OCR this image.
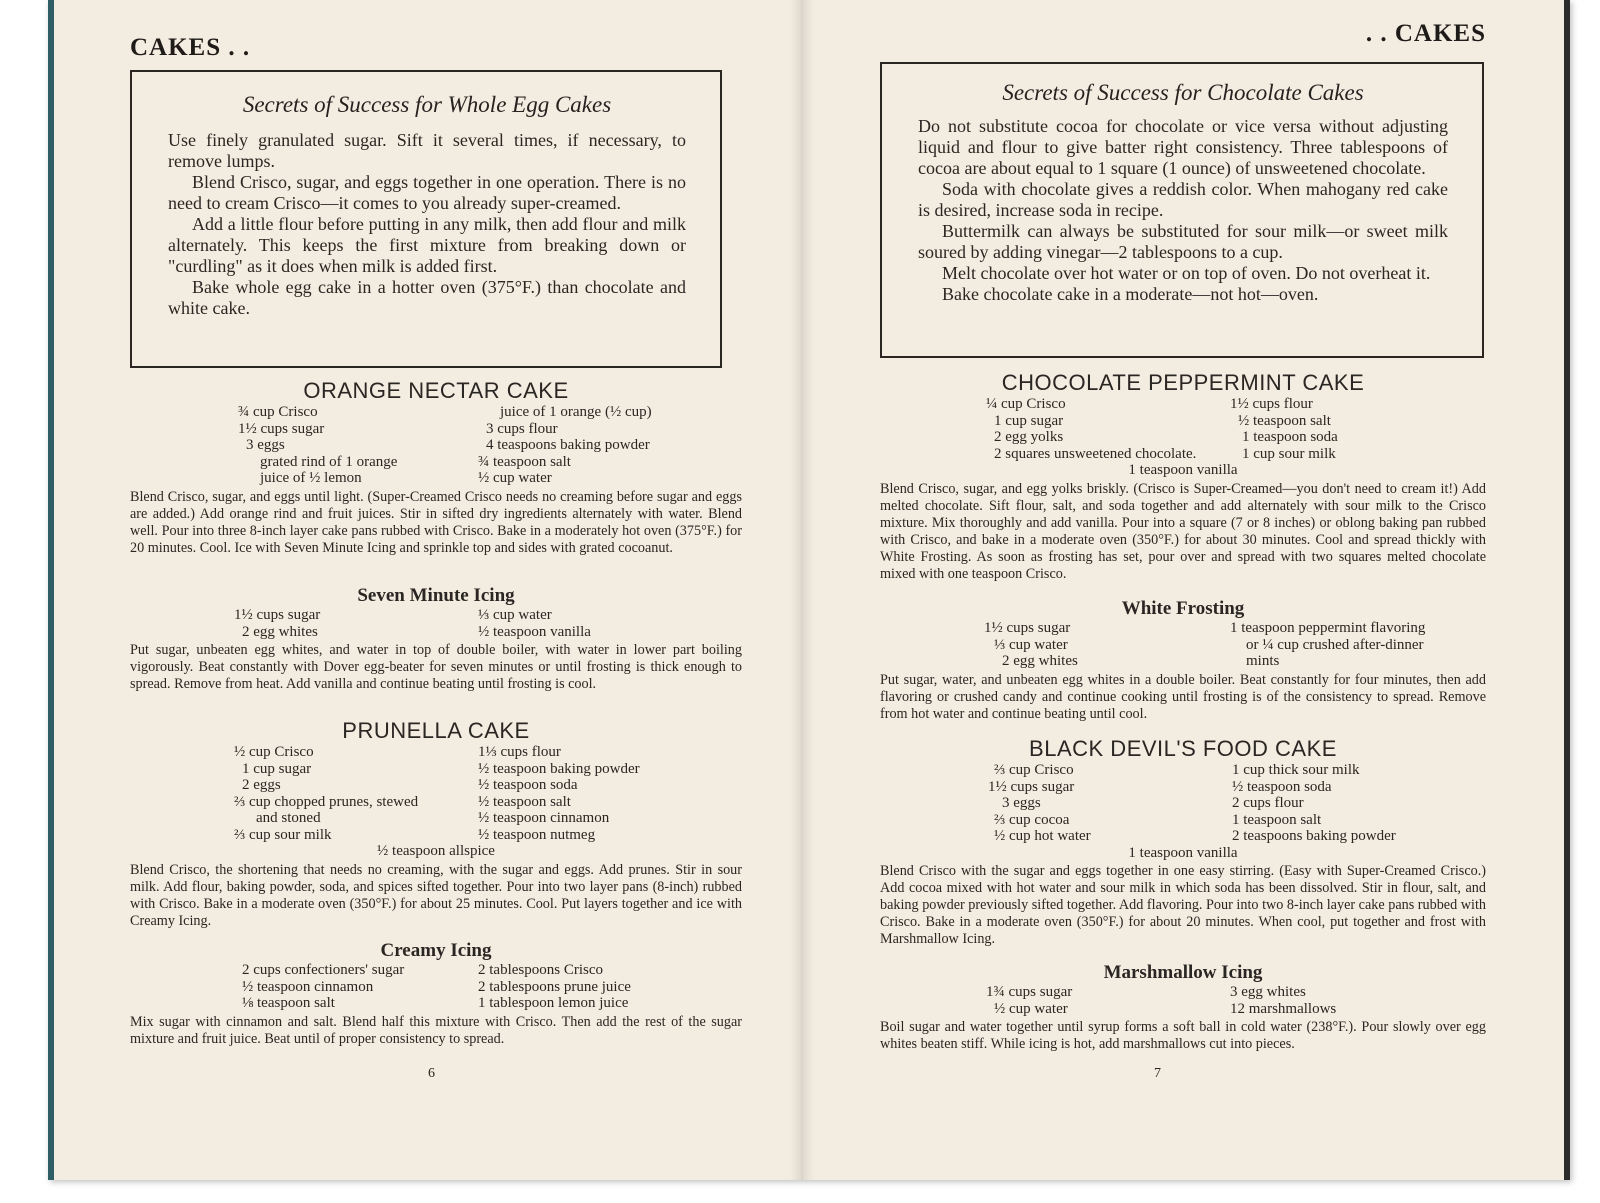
CAKES . .
Secrets of Success for Whole Egg Cakes

Use finely granulated sugar. Sift it several times, if necessary, to remove lumps.

Blend Crisco, sugar, and eggs together in one operation. There is no need to cream Crisco—it comes to you already super-creamed.

Add a little flour before putting in any milk, then add flour and milk alternately. This keeps the first mixture from breaking down or "curdling" as it does when milk is added first.

Bake whole egg cake in a hotter oven (375°F.) than chocolate and white cake.

ORANGE NECTAR CAKE
¾ cup Crisco
1½ cups sugar
3 eggs
grated rind of 1 orange
juice of ½ lemon
juice of 1 orange (½ cup)
3 cups flour
4 teaspoons baking powder
¾ teaspoon salt
½ cup water

Blend Crisco, sugar, and eggs until light. (Super-Creamed Crisco needs no creaming before sugar and eggs are added.) Add orange rind and fruit juices. Stir in sifted dry ingredients alternately with water. Blend well. Pour into three 8-inch layer cake pans rubbed with Crisco. Bake in a moderately hot oven (375°F.) for 20 minutes. Cool. Ice with Seven Minute Icing and sprinkle top and sides with grated cocoanut.

Seven Minute Icing
1½ cups sugar
2 egg whites
⅓ cup water
½ teaspoon vanilla

Put sugar, unbeaten egg whites, and water in top of double boiler, with water in lower part boiling vigorously. Beat constantly with Dover egg-beater for seven minutes or until frosting is thick enough to spread. Remove from heat. Add vanilla and continue beating until frosting is cool.

PRUNELLA CAKE
½ cup Crisco
1 cup sugar
2 eggs
⅔ cup chopped prunes, stewed
and stoned
⅔ cup sour milk
1⅓ cups flour
½ teaspoon baking powder
½ teaspoon soda
½ teaspoon salt
½ teaspoon cinnamon
½ teaspoon nutmeg
½ teaspoon allspice

Blend Crisco, the shortening that needs no creaming, with the sugar and eggs. Add prunes. Stir in sour milk. Add flour, baking powder, soda, and spices sifted together. Pour into two layer pans (8-inch) rubbed with Crisco. Bake in a moderate oven (350°F.) for about 25 minutes. Cool. Put layers together and ice with Creamy Icing.

Creamy Icing
2 cups confectioners' sugar
½ teaspoon cinnamon
⅛ teaspoon salt
2 tablespoons Crisco
2 tablespoons prune juice
1 tablespoon lemon juice

Mix sugar with cinnamon and salt. Blend half this mixture with Crisco. Then add the rest of the sugar mixture and fruit juice. Beat until of proper consistency to spread.

6
. . CAKES
Secrets of Success for Chocolate Cakes

Do not substitute cocoa for chocolate or vice versa without adjusting liquid and flour to give batter right consistency. Three tablespoons of cocoa are about equal to 1 square (1 ounce) of unsweetened chocolate.

Soda with chocolate gives a reddish color. When mahogany red cake is desired, increase soda in recipe.

Buttermilk can always be substituted for sour milk—or sweet milk soured by adding vinegar—2 tablespoons to a cup.

Melt chocolate over hot water or on top of oven. Do not overheat it.

Bake chocolate cake in a moderate—not hot—oven.

CHOCOLATE PEPPERMINT CAKE
¼ cup Crisco
1 cup sugar
2 egg yolks
2 squares unsweetened chocolate.
1½ cups flour
½ teaspoon salt
1 teaspoon soda
1 cup sour milk
1 teaspoon vanilla

Blend Crisco, sugar, and egg yolks briskly. (Crisco is Super-Creamed—you don't need to cream it!) Add melted chocolate. Sift flour, salt, and soda together and add alternately with sour milk to the Crisco mixture. Mix thoroughly and add vanilla. Pour into a square (7 or 8 inches) or oblong baking pan rubbed with Crisco, and bake in a moderate oven (350°F.) for about 30 minutes. Cool and spread thickly with White Frosting. As soon as frosting has set, pour over and spread with two squares melted chocolate mixed with one teaspoon Crisco.

White Frosting
1½ cups sugar
⅓ cup water
2 egg whites
1 teaspoon peppermint flavoring
or ¼ cup crushed after-dinner
mints

Put sugar, water, and unbeaten egg whites in a double boiler. Beat constantly for four minutes, then add flavoring or crushed candy and continue cooking until frosting is of the consistency to spread. Remove from hot water and continue beating until cool.

BLACK DEVIL'S FOOD CAKE
⅔ cup Crisco
1½ cups sugar
3 eggs
⅔ cup cocoa
½ cup hot water
1 cup thick sour milk
½ teaspoon soda
2 cups flour
1 teaspoon salt
2 teaspoons baking powder
1 teaspoon vanilla

Blend Crisco with the sugar and eggs together in one easy stirring. (Easy with Super-Creamed Crisco.) Add cocoa mixed with hot water and sour milk in which soda has been dissolved. Stir in flour, salt, and baking powder previously sifted together. Add flavoring. Pour into two 8-inch layer cake pans rubbed with Crisco. Bake in a moderate oven (350°F.) for about 20 minutes. When cool, put together and frost with Marshmallow Icing.

Marshmallow Icing
1¾ cups sugar
½ cup water
3 egg whites
12 marshmallows

Boil sugar and water together until syrup forms a soft ball in cold water (238°F.). Pour slowly over egg whites beaten stiff. While icing is hot, add marshmallows cut into pieces.

7
